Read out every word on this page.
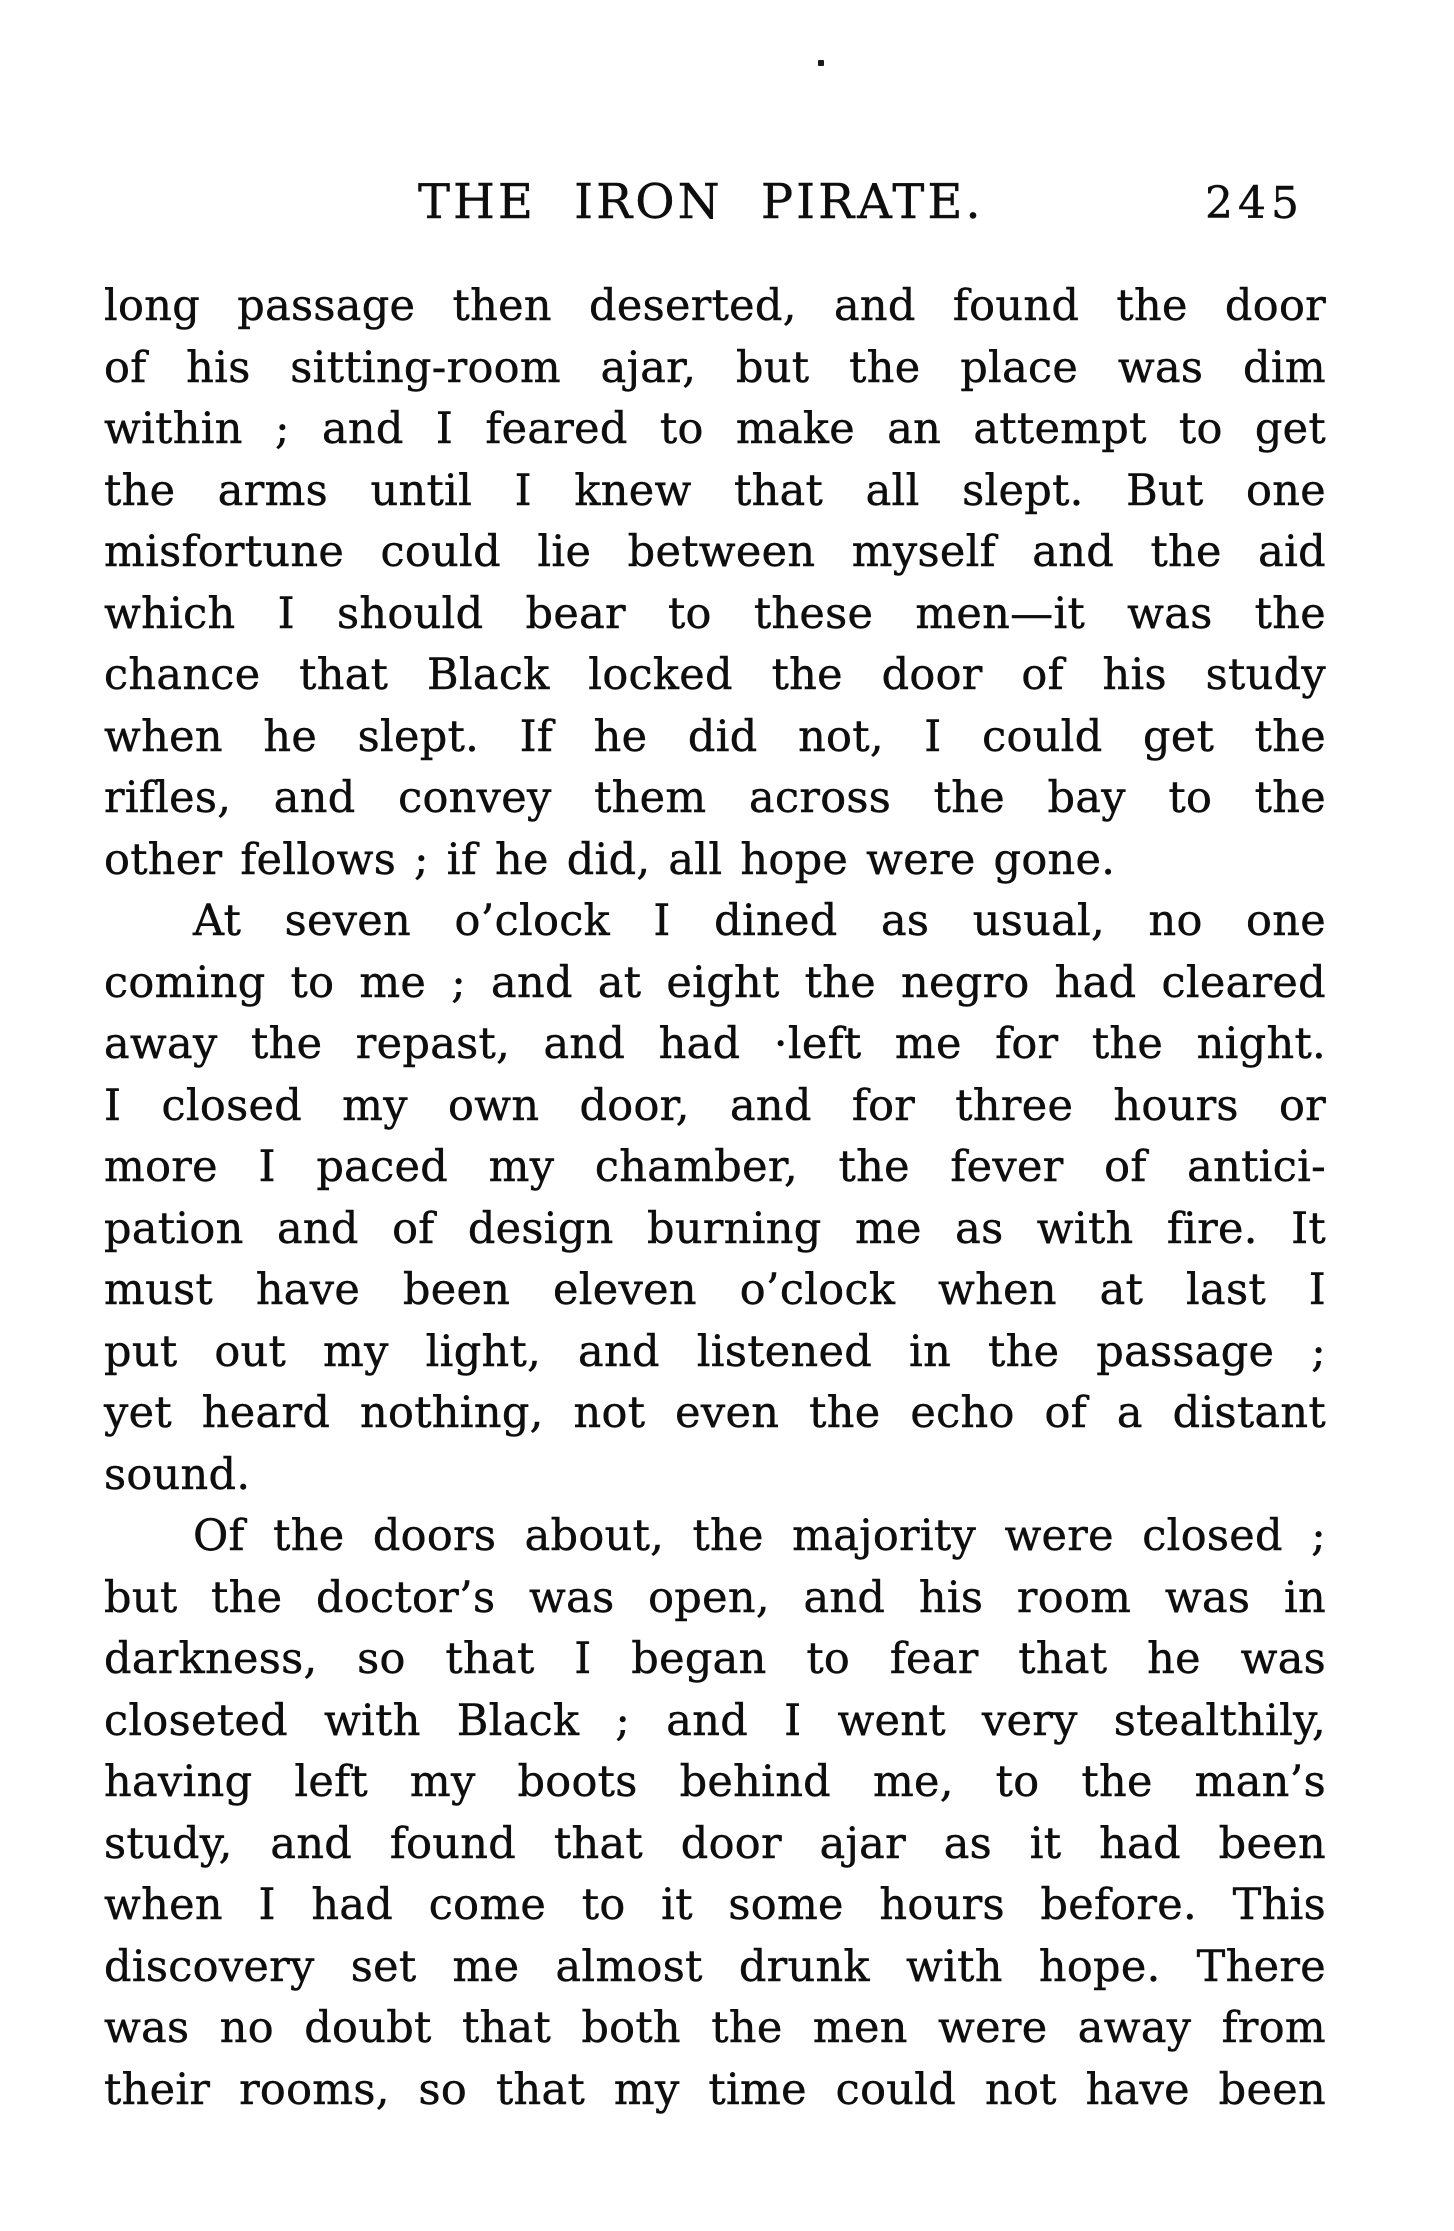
THE IRON PIRATE.	245
long passage then deserted, and found the door
of his sitting-room ajar, but the place was dim
within ; and I feared to make an attempt to get
the arms until I knew that all slept. But one
misfortune could lie between myself and the aid
which I should bear to these men—it was the
chance that Black locked the door of his study
when he slept. If he did not, I could get the
rifles, and convey them across the bay to the
other fellows ; if he did, all hope were gone.
At seven o’clock I dined as usual, no one
coming to me ; and at eight the negro had cleared
away the repast, and had ·left me for the night.
I closed my own door, and for three hours or
more I paced my chamber, the fever of antici-
pation and of design burning me as with fire. It
must have been eleven o’clock when at last I
put out my light, and listened in the passage ;
yet heard nothing, not even the echo of a distant
sound.
Of the doors about, the majority were closed ;
but the doctor’s was open, and his room was in
darkness, so that I began to fear that he was
closeted with Black ; and I went very stealthily,
having left my boots behind me, to the man’s
study, and found that door ajar as it had been
when I had come to it some hours before. This
discovery set me almost drunk with hope. There
was no doubt that both the men were away from
their rooms, so that my time could not have been
